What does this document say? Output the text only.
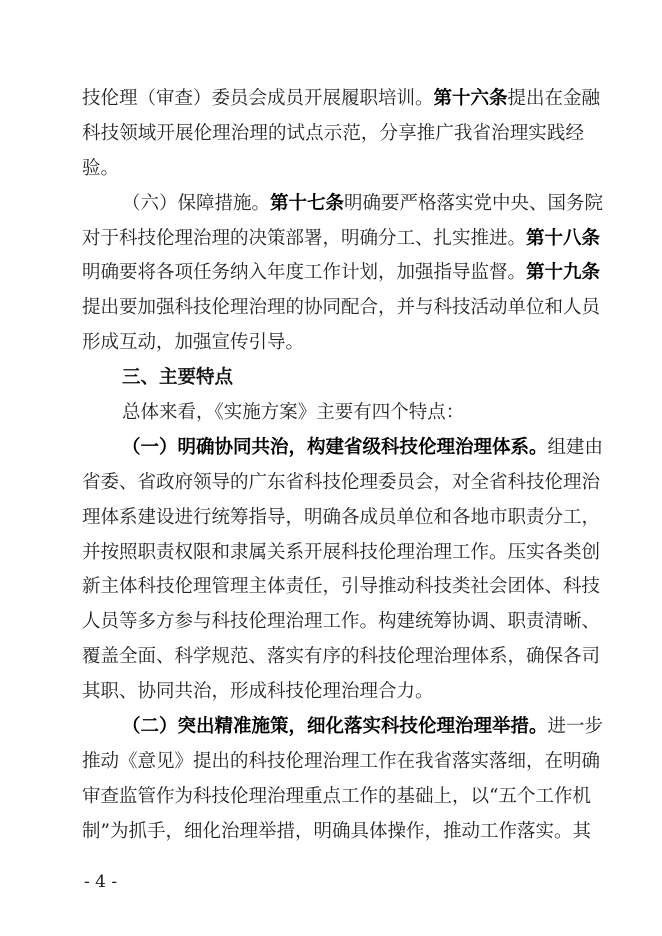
技伦理（审查）委员会成员开展履职培训。第十六条提出在金融
科技领域开展伦理治理的试点示范，分享推广我省治理实践经
验。
（六）保障措施。第十七条明确要严格落实党中央、国务院
对于科技伦理治理的决策部署，明确分工、扎实推进。第十八条
明确要将各项任务纳入年度工作计划，加强指导监督。第十九条
提出要加强科技伦理治理的协同配合，并与科技活动单位和人员
形成互动，加强宣传引导。
三、主要特点
总体来看，《实施方案》主要有四个特点：
（一）明确协同共治，构建省级科技伦理治理体系。组建由
省委、省政府领导的广东省科技伦理委员会，对全省科技伦理治
理体系建设进行统筹指导，明确各成员单位和各地市职责分工，
并按照职责权限和隶属关系开展科技伦理治理工作。压实各类创
新主体科技伦理管理主体责任，引导推动科技类社会团体、科技
人员等多方参与科技伦理治理工作。构建统筹协调、职责清晰、
覆盖全面、科学规范、落实有序的科技伦理治理体系，确保各司
其职、协同共治，形成科技伦理治理合力。
（二）突出精准施策，细化落实科技伦理治理举措。进一步
推动《意见》提出的科技伦理治理工作在我省落实落细，在明确
审查监管作为科技伦理治理重点工作的基础上，以“五个工作机
制”为抓手，细化治理举措，明确具体操作，推动工作落实。其
- 4 -
